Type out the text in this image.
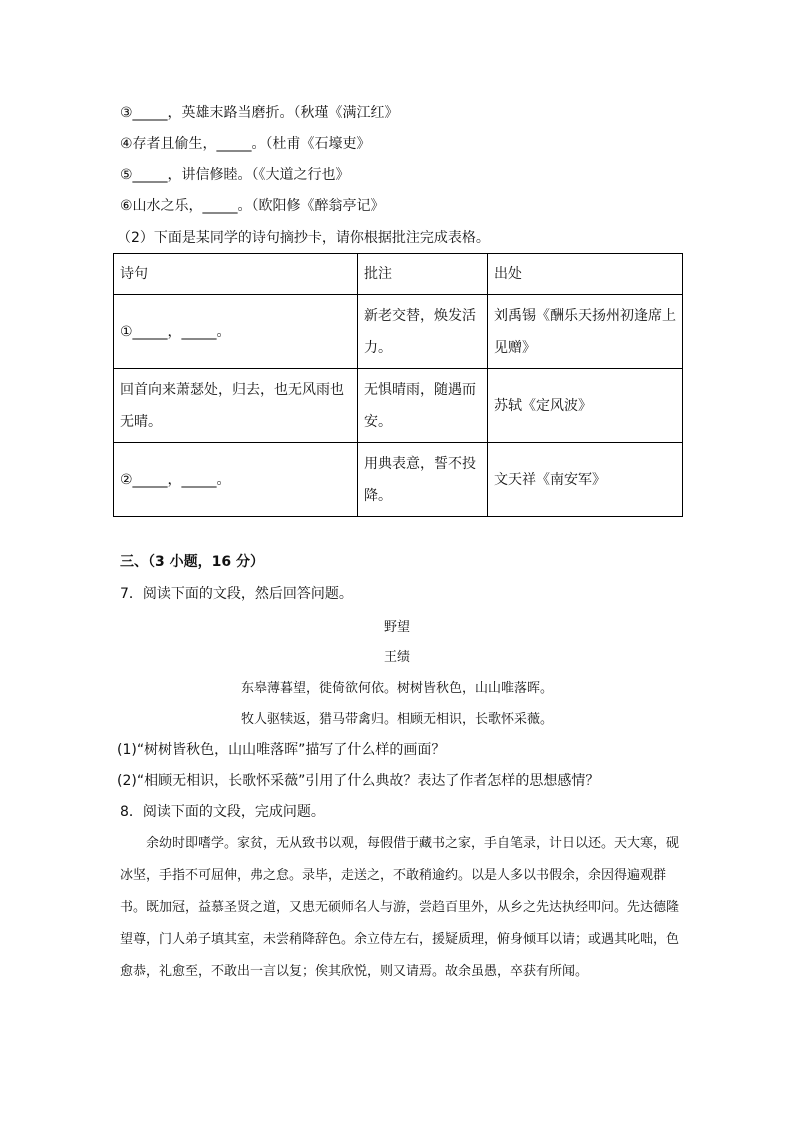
③_____，英雄末路当磨折。（秋瑾《满江红》
④存者且偷生，_____。（杜甫《石壕吏》
⑤_____，讲信修睦。（《大道之行也》
⑥山水之乐，_____。（欧阳修《醉翁亭记》
（2）下面是某同学的诗句摘抄卡，请你根据批注完成表格。
诗句	批注	出处
①_____，_____。	新老交替，焕发活力。	刘禹锡《酬乐天扬州初逢席上见赠》
回首向来萧瑟处，归去，也无风雨也无晴。	无惧晴雨，随遇而安。	苏轼《定风波》
②_____，_____。	用典表意，誓不投降。	文天祥《南安军》
三、（3 小题，16 分）
7．阅读下面的文段，然后回答问题。
野望
王绩
东皋薄暮望，徙倚欲何依。树树皆秋色，山山唯落晖。
牧人驱犊返，猎马带禽归。相顾无相识，长歌怀采薇。
(1)“树树皆秋色，山山唯落晖”描写了什么样的画面？
(2)“相顾无相识，长歌怀采薇”引用了什么典故？表达了作者怎样的思想感情？
8．阅读下面的文段，完成问题。
余幼时即嗜学。家贫，无从致书以观，每假借于藏书之家，手自笔录，计日以还。天大寒，砚冰坚，手指不可屈伸，弗之怠。录毕，走送之，不敢稍逾约。以是人多以书假余，余因得遍观群书。既加冠，益慕圣贤之道，又患无硕师名人与游，尝趋百里外，从乡之先达执经叩问。先达德隆望尊，门人弟子填其室，未尝稍降辞色。余立侍左右，援疑质理，俯身倾耳以请；或遇其叱咄，色愈恭，礼愈至，不敢出一言以复；俟其欣悦，则又请焉。故余虽愚，卒获有所闻。
